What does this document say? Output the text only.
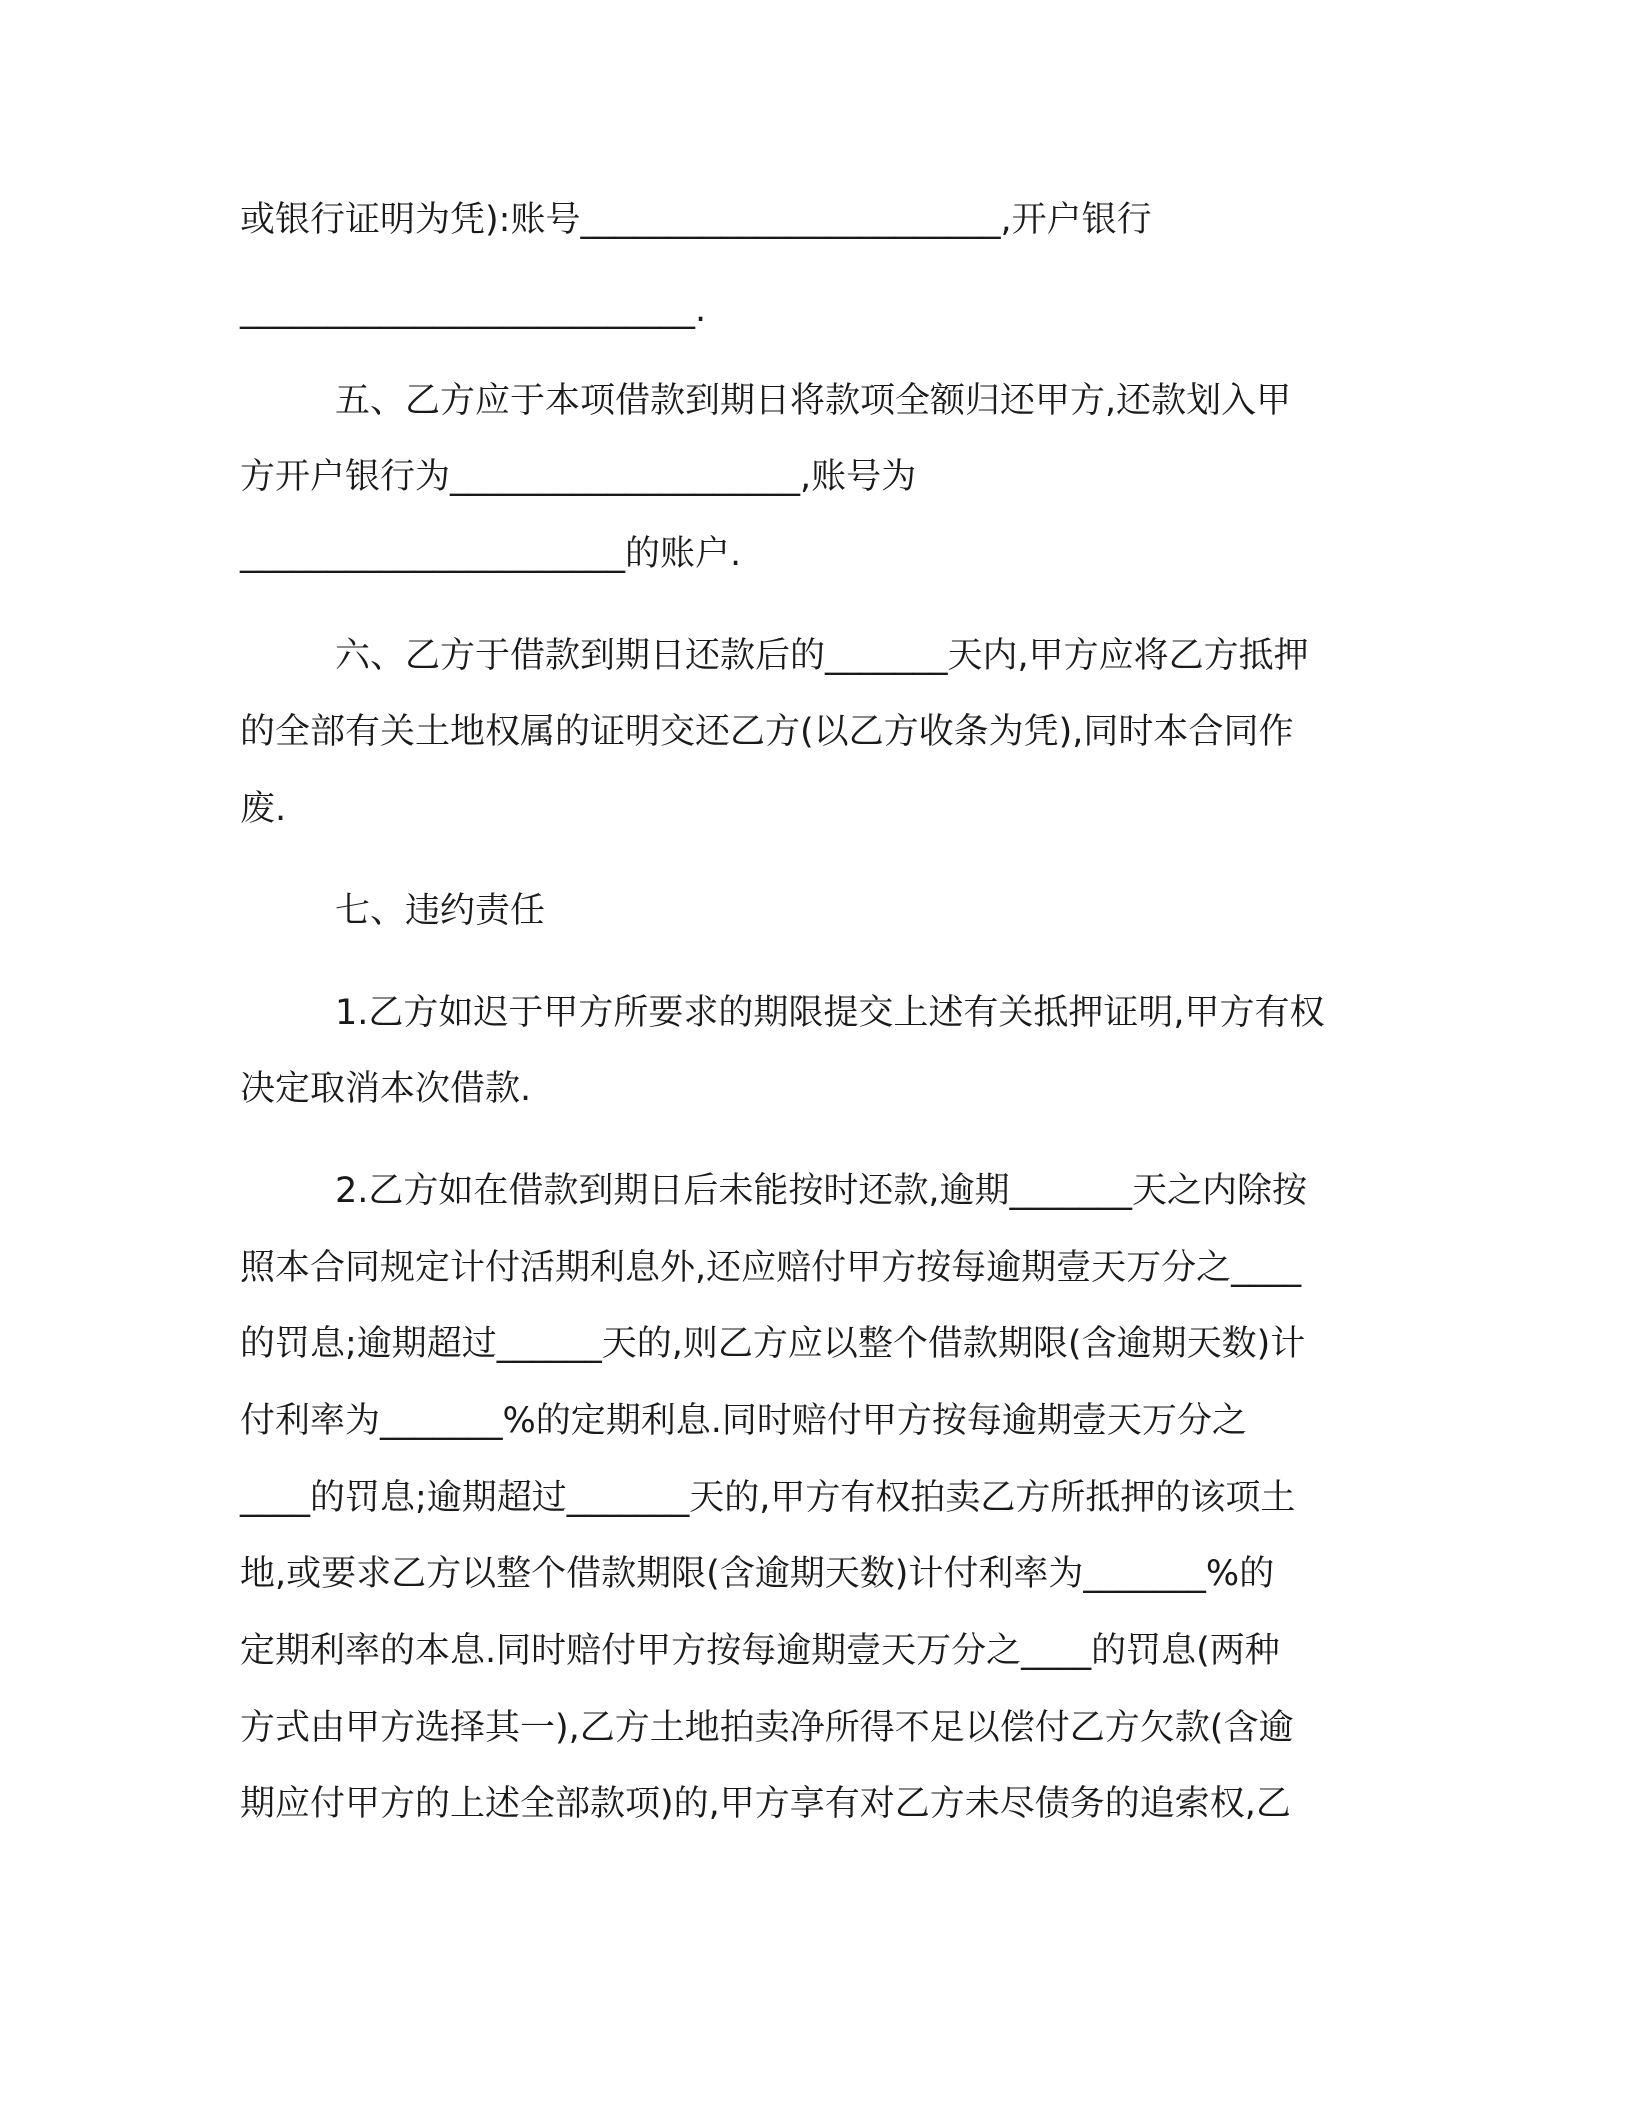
或银行证明为凭):账号________________________,开户银行
__________________________.
五、乙方应于本项借款到期日将款项全额归还甲方,还款划入甲
方开户银行为____________________,账号为
______________________的账户.
六、乙方于借款到期日还款后的_______天内,甲方应将乙方抵押
的全部有关土地权属的证明交还乙方(以乙方收条为凭),同时本合同作
废.
七、违约责任
1.乙方如迟于甲方所要求的期限提交上述有关抵押证明,甲方有权
决定取消本次借款.
2.乙方如在借款到期日后未能按时还款,逾期_______天之内除按
照本合同规定计付活期利息外,还应赔付甲方按每逾期壹天万分之____
的罚息;逾期超过______天的,则乙方应以整个借款期限(含逾期天数)计
付利率为_______%的定期利息.同时赔付甲方按每逾期壹天万分之
____的罚息;逾期超过_______天的,甲方有权拍卖乙方所抵押的该项土
地,或要求乙方以整个借款期限(含逾期天数)计付利率为_______%的
定期利率的本息.同时赔付甲方按每逾期壹天万分之____的罚息(两种
方式由甲方选择其一),乙方土地拍卖净所得不足以偿付乙方欠款(含逾
期应付甲方的上述全部款项)的,甲方享有对乙方未尽债务的追索权,乙
